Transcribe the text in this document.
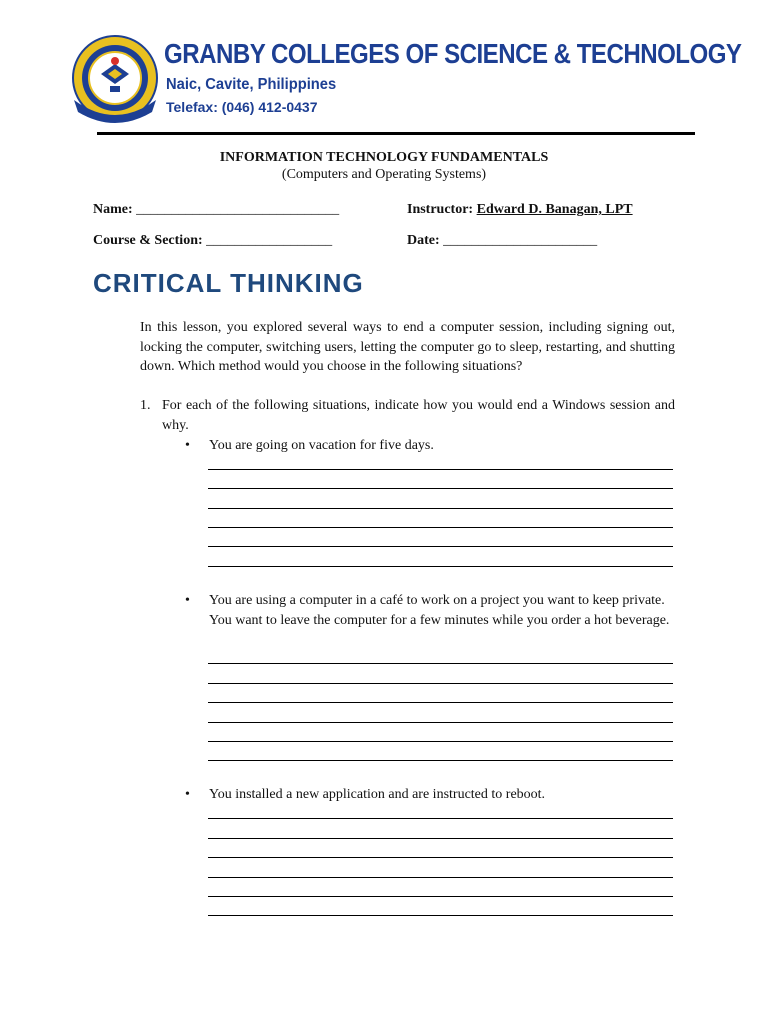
GRANBY COLLEGES OF SCIENCE & TECHNOLOGY
Naic, Cavite, Philippines
Telefax: (046) 412-0437
INFORMATION TECHNOLOGY FUNDAMENTALS
(Computers and Operating Systems)
Name: _____________________________	Instructor: Edward D. Banagan, LPT
Course & Section: __________________	Date: ______________________
CRITICAL THINKING
In this lesson, you explored several ways to end a computer session, including signing out, locking the computer, switching users, letting the computer go to sleep, restarting, and shutting down. Which method would you choose in the following situations?
1. For each of the following situations, indicate how you would end a Windows session and why.
•	You are going on vacation for five days.
•	You are using a computer in a café to work on a project you want to keep private. You want to leave the computer for a few minutes while you order a hot beverage.
•	You installed a new application and are instructed to reboot.
